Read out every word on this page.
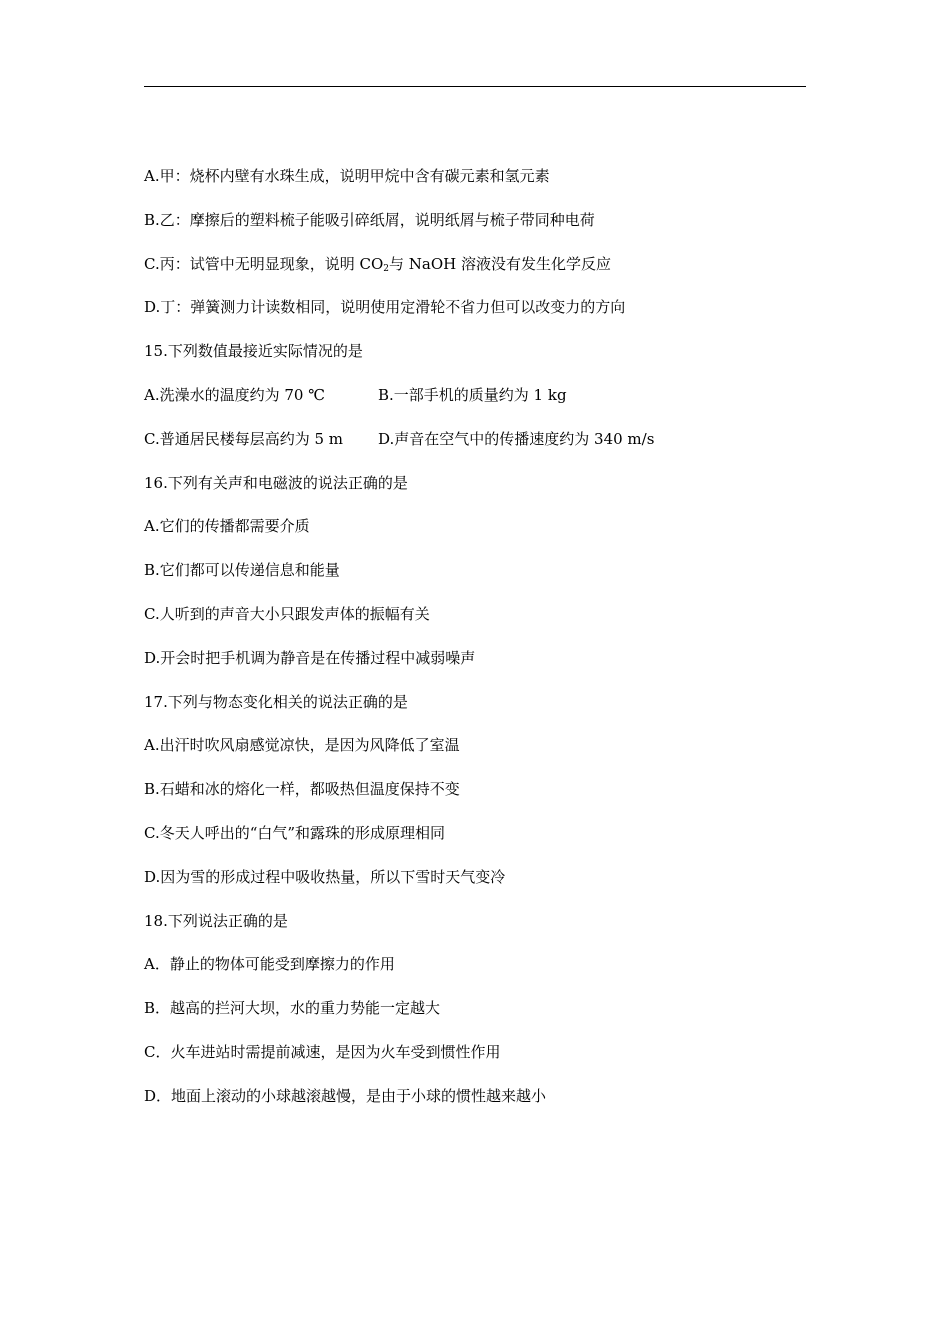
A.甲：烧杯内壁有水珠生成，说明甲烷中含有碳元素和氢元素
B.乙：摩擦后的塑料梳子能吸引碎纸屑，说明纸屑与梳子带同种电荷
C.丙：试管中无明显现象，说明 $CO_2$与 NaOH 溶液没有发生化学反应
D.丁：弹簧测力计读数相同，说明使用定滑轮不省力但可以改变力的方向
15.下列数值最接近实际情况的是
A.洗澡水的温度约为 70 ℃	B.一部手机的质量约为 1 kg
C.普通居民楼每层高约为 5 m D.声音在空气中的传播速度约为 340 m/s
16.下列有关声和电磁波的说法正确的是
A.它们的传播都需要介质
B.它们都可以传递信息和能量
C.人听到的声音大小只跟发声体的振幅有关
D.开会时把手机调为静音是在传播过程中减弱噪声
17.下列与物态变化相关的说法正确的是
A.出汗时吹风扇感觉凉快，是因为风降低了室温
B.石蜡和冰的熔化一样，都吸热但温度保持不变
C.冬天人呼出的“白气”和露珠的形成原理相同
D.因为雪的形成过程中吸收热量，所以下雪时天气变冷
18.下列说法正确的是
A．静止的物体可能受到摩擦力的作用
B．越高的拦河大坝，水的重力势能一定越大
C．火车进站时需提前减速，是因为火车受到惯性作用
D．地面上滚动的小球越滚越慢，是由于小球的惯性越来越小
